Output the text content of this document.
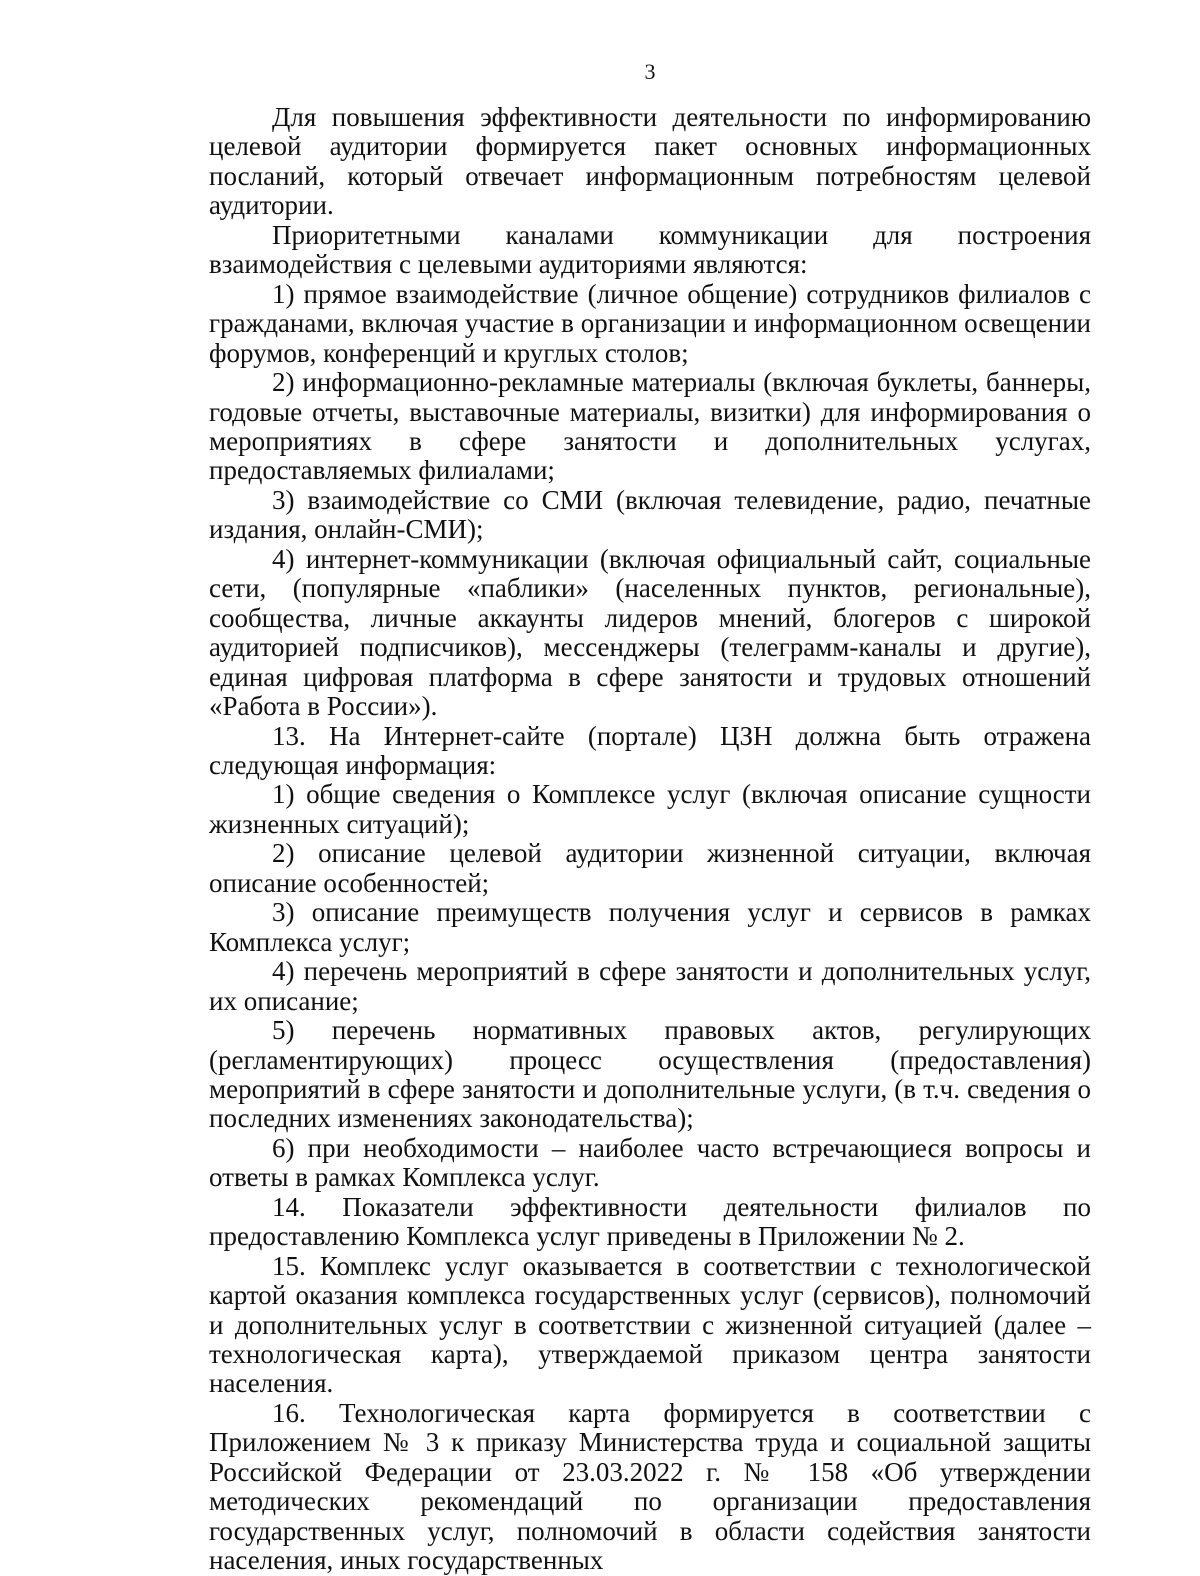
3

Для повышения эффективности деятельности по информированию целевой аудитории формируется пакет основных информационных посланий, который отвечает информационным потребностям целевой аудитории.

Приоритетными каналами коммуникации для построения взаимодействия с целевыми аудиториями являются:

1) прямое взаимодействие (личное общение) сотрудников филиалов с гражданами, включая участие в организации и информационном освещении форумов, конференций и круглых столов;

2) информационно-рекламные материалы (включая буклеты, баннеры, годовые отчеты, выставочные материалы, визитки) для информирования о мероприятиях в сфере занятости и дополнительных услугах, предоставляемых филиалами;

3) взаимодействие со СМИ (включая телевидение, радио, печатные издания, онлайн-СМИ);

4) интернет-коммуникации (включая официальный сайт, социальные сети, (популярные «паблики» (населенных пунктов, региональные), сообщества, личные аккаунты лидеров мнений, блогеров с широкой аудиторией подписчиков), мессенджеры (телеграмм-каналы и другие), единая цифровая платформа в сфере занятости и трудовых отношений «Работа в России»).

13. На Интернет-сайте (портале) ЦЗН должна быть отражена следующая информация:

1) общие сведения о Комплексе услуг (включая описание сущности жизненных ситуаций);

2) описание целевой аудитории жизненной ситуации, включая описание особенностей;

3) описание преимуществ получения услуг и сервисов в рамках Комплекса услуг;

4) перечень мероприятий в сфере занятости и дополнительных услуг, их описание;

5) перечень нормативных правовых актов, регулирующих (регламентирующих) процесс осуществления (предоставления) мероприятий в сфере занятости и дополнительные услуги, (в т.ч. сведения о последних изменениях законодательства);

6) при необходимости – наиболее часто встречающиеся вопросы и ответы в рамках Комплекса услуг.

14. Показатели эффективности деятельности филиалов по предоставлению Комплекса услуг приведены в Приложении № 2.

15. Комплекс услуг оказывается в соответствии с технологической картой оказания комплекса государственных услуг (сервисов), полномочий и дополнительных услуг в соответствии с жизненной ситуацией (далее – технологическая карта), утверждаемой приказом центра занятости населения.

16. Технологическая карта формируется в соответствии с Приложением № 3 к приказу Министерства труда и социальной защиты Российской Федерации от 23.03.2022 г. № 158 «Об утверждении методических рекомендаций по организации предоставления государственных услуг, полномочий в области содействия занятости населения, иных государственных
